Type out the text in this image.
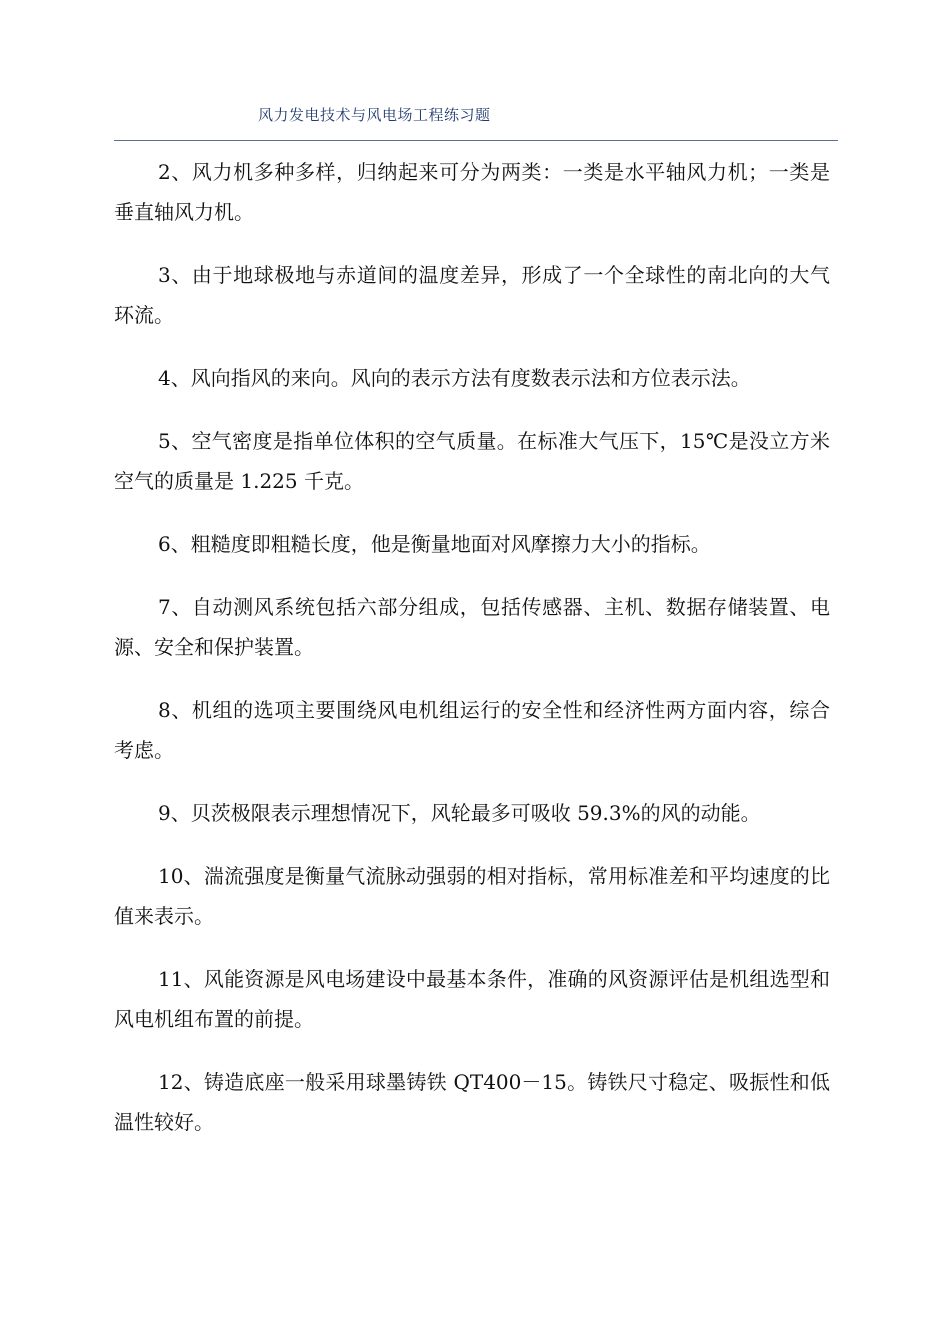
风力发电技术与风电场工程练习题

2、风力机多种多样，归纳起来可分为两类：一类是水平轴风力机；一类是垂直轴风力机。

3、由于地球极地与赤道间的温度差异，形成了一个全球性的南北向的大气环流。

4、风向指风的来向。风向的表示方法有度数表示法和方位表示法。

5、空气密度是指单位体积的空气质量。在标准大气压下，15℃是没立方米空气的质量是 1.225 千克。

6、粗糙度即粗糙长度，他是衡量地面对风摩擦力大小的指标。

7、自动测风系统包括六部分组成，包括传感器、主机、数据存储装置、电源、安全和保护装置。

8、机组的选项主要围绕风电机组运行的安全性和经济性两方面内容，综合考虑。

9、贝茨极限表示理想情况下，风轮最多可吸收 59.3%的风的动能。

10、湍流强度是衡量气流脉动强弱的相对指标，常用标准差和平均速度的比值来表示。

11、风能资源是风电场建设中最基本条件，准确的风资源评估是机组选型和风电机组布置的前提。

12、铸造底座一般采用球墨铸铁 QT400－15。铸铁尺寸稳定、吸振性和低温性较好。
